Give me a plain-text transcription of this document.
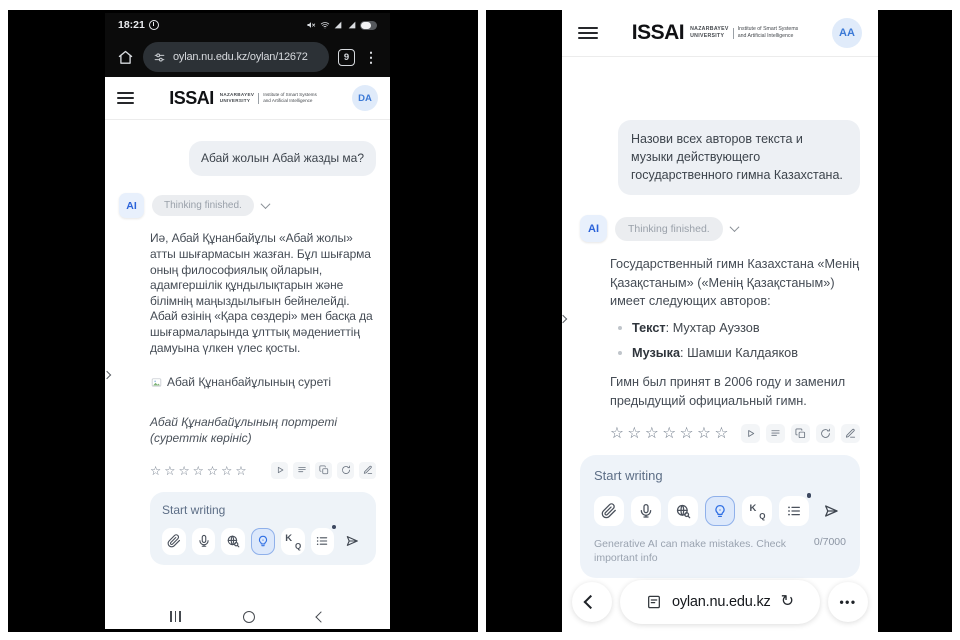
18:21
oylan.nu.edu.kz/oylan/12672	9	⋮
ISSAI NAZARBAYEV
UNIVERSITY
Institute of Smart Systems
and Artificial Intelligence	DA
Абай жолын Абай жазды ма?
AI	Thinking finished.

Иә, Абай Құнанбайұлы «Абай жолы» атты шығармасын жазған. Бұл шығарма оның философиялық ойларын, адамгершілік құндылықтарын және білімнің маңыздылығын бейнелейді. Абай өзінің «Қара сөздері» мен басқа да шығармаларында ұлттық мәдениеттің дамуына үлкен үлес қосты.

Абай Құнанбайұлының суреті

Абай Құнанбайұлының портреті (суреттік көрініс)

☆ ☆ ☆ ☆ ☆ ☆ ☆
Start writing
K
Q
ISSAI NAZARBAYEV
UNIVERSITY
Institute of Smart Systems
and Artificial Intelligence	AA
Назови всех авторов текста и музыки действующего государственного гимна Казахстана.
AI	Thinking finished.

Государственный гимн Казахстана «Менің Қазақстаным» («Менің Қазақстаным») имеет следующих авторов:

Текст: Мухтар Ауэзов
Музыка: Шамши Калдаяков

Гимн был принят в 2006 году и заменил предыдущий официальный гимн.

☆ ☆ ☆ ☆ ☆ ☆ ☆
Start writing
K
Q
Generative AI can make mistakes. Check important info
0/7000
oylan.nu.edu.kz ↻	•••
